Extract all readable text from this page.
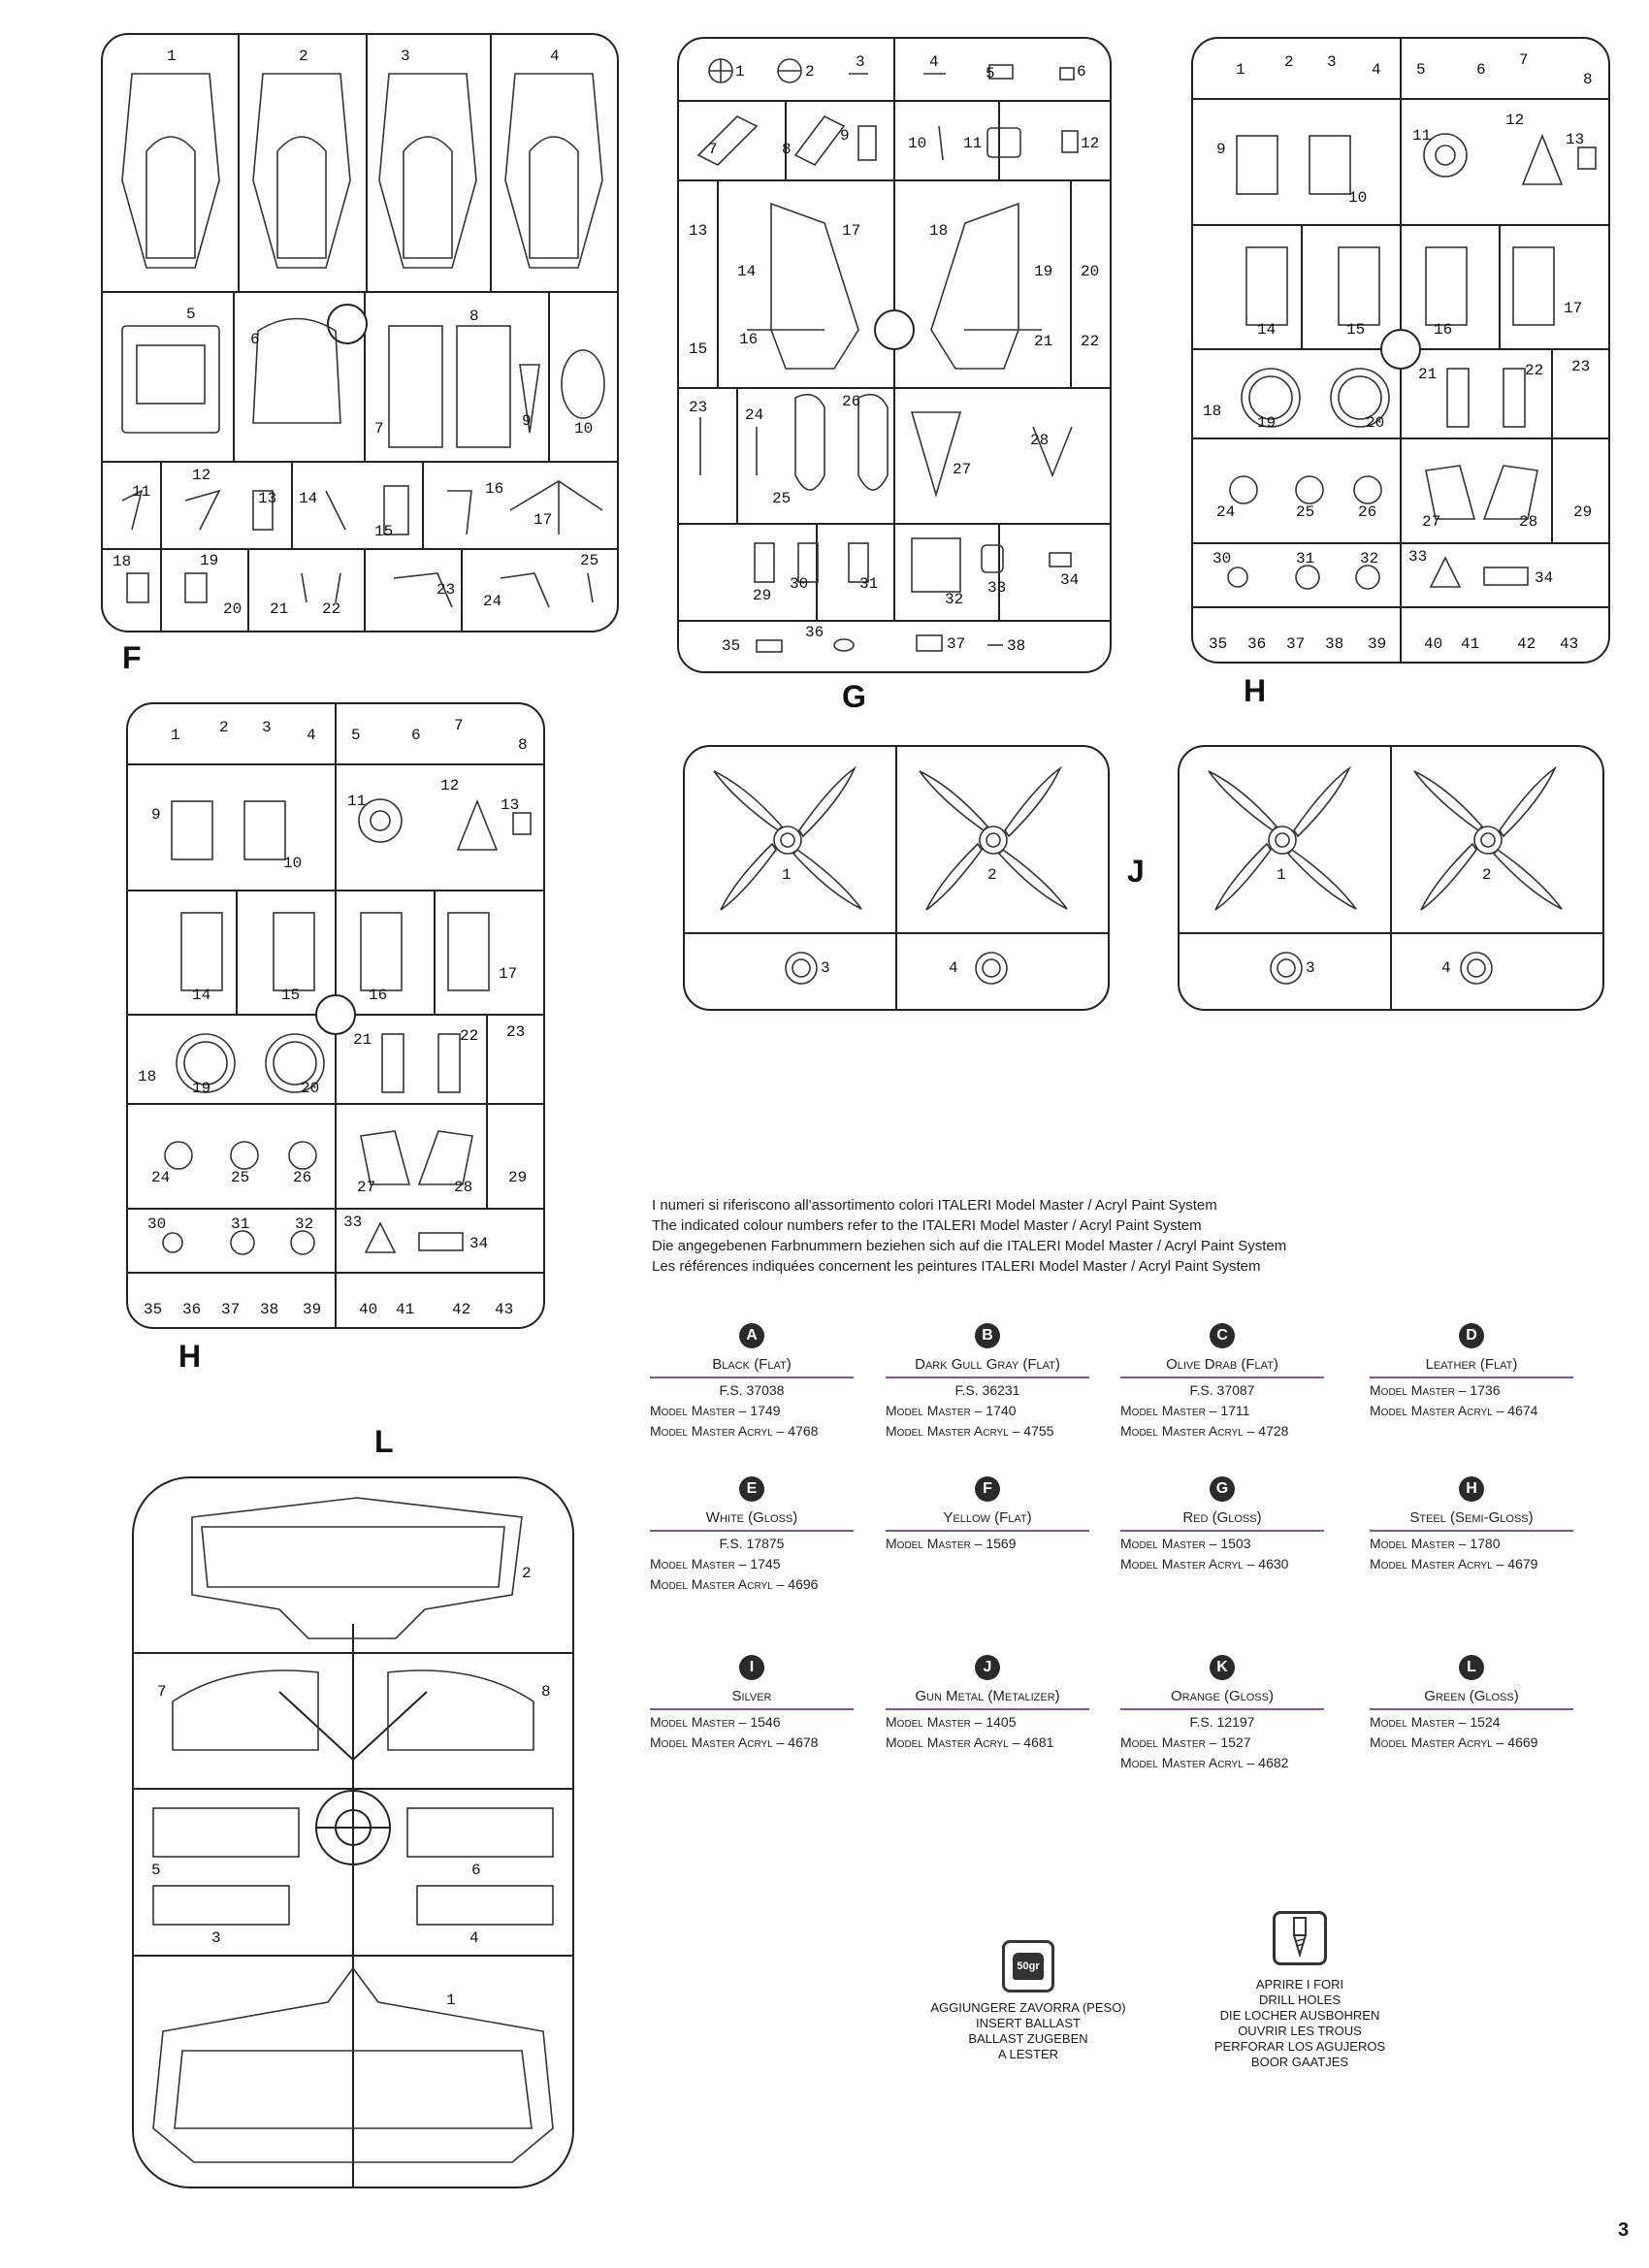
1	2	3	4
5
6
7
8
9	10
11
12
13 14
15
16
17
18	19
20 21 22
23
24
25
F
1	2
3	4
5	6
7	8
9	10 11	12
13
14
15
16
17	18
19 20
21 22
23 24
25
26
27
28
29
30	31
32
33	34
35
36
37	38
G
1	2 3 4 5	6
7
8
9
10
11
12
13
14	15	16
17
18
19	20
21	22 23
24	25	26
27	28
29
30	31	32 33
34
35 36 37 38 39 40 41 42 43
H
1	2 3 4 5	6
7
8
9
10
11
12
13
14	15	16
17
18
19	20
21	22 23
24	25	26
27	28
29
30	31	32 33
34
35 36 37 38 39 40 41 42 43
H
1	2
3	4
J	1	2
3	4
L
1
2
3	4
5	6
7	8
I numeri si riferiscono all'assortimento colori ITALERI Model Master / Acryl Paint System
The indicated colour numbers refer to the ITALERI Model Master / Acryl Paint System
Die angegebenen Farbnummern beziehen sich auf die ITALERI Model Master / Acryl Paint System
Les références indiquées concernent les peintures ITALERI Model Master / Acryl Paint System
A
Black (Flat)
F.S. 37038
Model Master – 1749
Model Master Acryl – 4768
B
Dark Gull Gray (Flat)
F.S. 36231
Model Master – 1740
Model Master Acryl – 4755
C
Olive Drab (Flat)
F.S. 37087
Model Master – 1711
Model Master Acryl – 4728
D
Leather (Flat)
Model Master – 1736
Model Master Acryl – 4674
E
White (Gloss)
F.S. 17875
Model Master – 1745
Model Master Acryl – 4696
F
Yellow (Flat)
Model Master – 1569
G
Red (Gloss)
Model Master – 1503
Model Master Acryl – 4630
H
Steel (Semi-Gloss)
Model Master – 1780
Model Master Acryl – 4679
I
Silver
Model Master – 1546
Model Master Acryl – 4678
J
Gun Metal (Metalizer)
Model Master – 1405
Model Master Acryl – 4681
K
Orange (Gloss)
F.S. 12197
Model Master – 1527
Model Master Acryl – 4682
L
Green (Gloss)
Model Master – 1524
Model Master Acryl – 4669
50gr
AGGIUNGERE ZAVORRA (PESO)
INSERT BALLAST
BALLAST ZUGEBEN
A LESTER
APRIRE I FORI
DRILL HOLES
DIE LOCHER AUSBOHREN
OUVRIR LES TROUS
PERFORAR LOS AGUJEROS
BOOR GAATJES
3
